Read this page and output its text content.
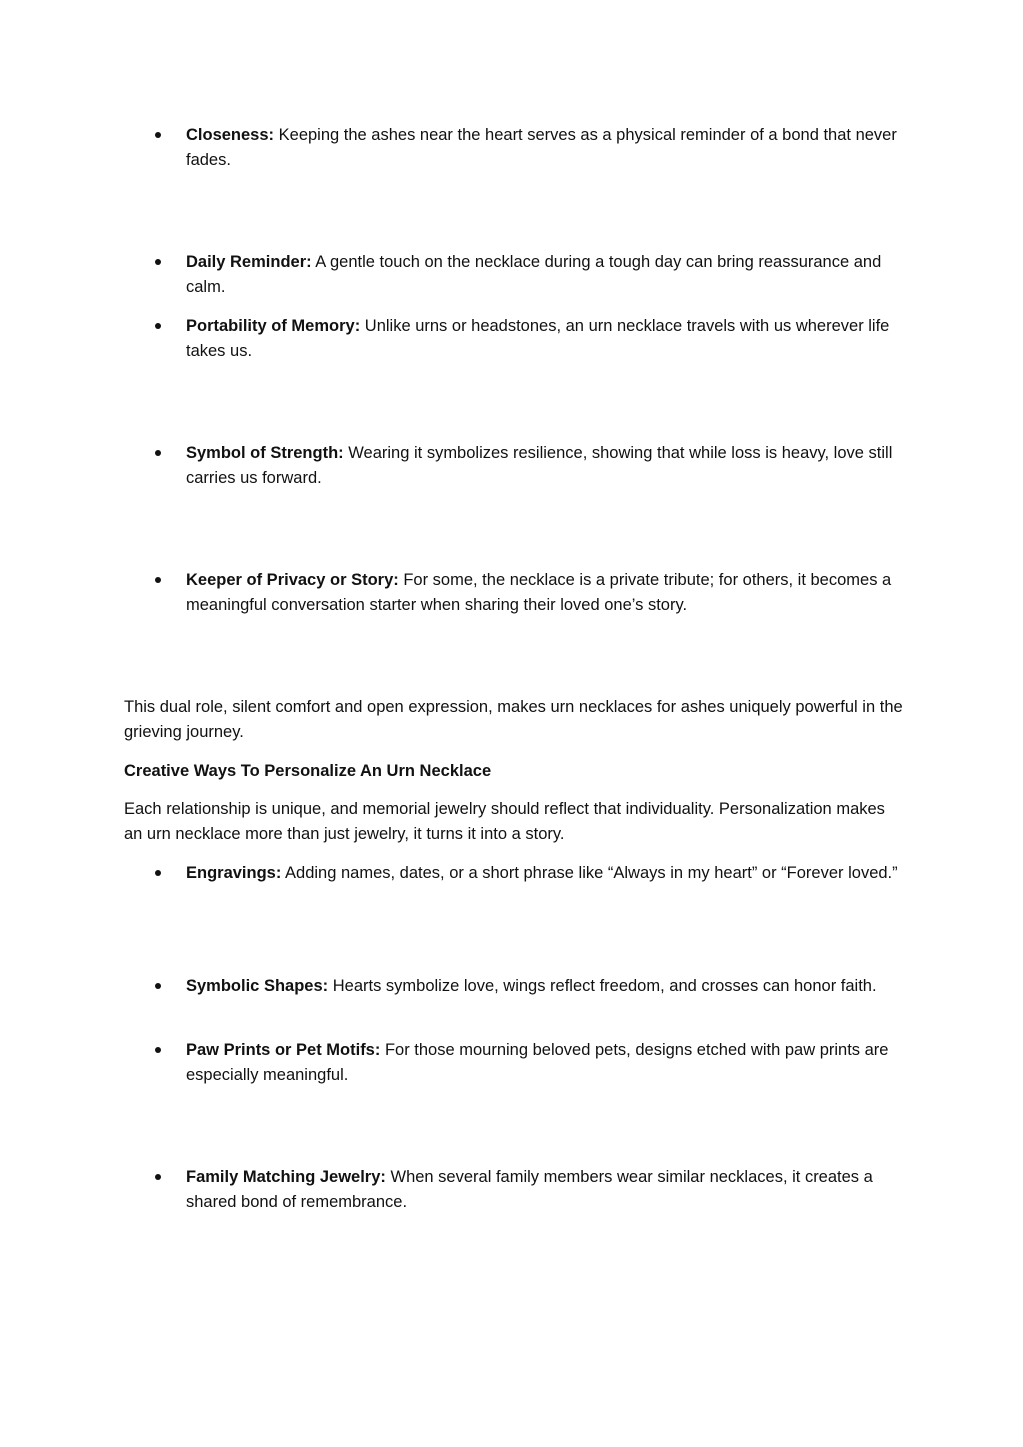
Closeness: Keeping the ashes near the heart serves as a physical reminder of a bond that never fades.
Daily Reminder: A gentle touch on the necklace during a tough day can bring reassurance and calm.
Portability of Memory: Unlike urns or headstones, an urn necklace travels with us wherever life takes us.
Symbol of Strength: Wearing it symbolizes resilience, showing that while loss is heavy, love still carries us forward.
Keeper of Privacy or Story: For some, the necklace is a private tribute; for others, it becomes a meaningful conversation starter when sharing their loved one’s story.
This dual role, silent comfort and open expression, makes urn necklaces for ashes uniquely powerful in the grieving journey.
Creative Ways To Personalize An Urn Necklace
Each relationship is unique, and memorial jewelry should reflect that individuality. Personalization makes an urn necklace more than just jewelry, it turns it into a story.
Engravings: Adding names, dates, or a short phrase like “Always in my heart” or “Forever loved.”
Symbolic Shapes: Hearts symbolize love, wings reflect freedom, and crosses can honor faith.
Paw Prints or Pet Motifs: For those mourning beloved pets, designs etched with paw prints are especially meaningful.
Family Matching Jewelry: When several family members wear similar necklaces, it creates a shared bond of remembrance.
